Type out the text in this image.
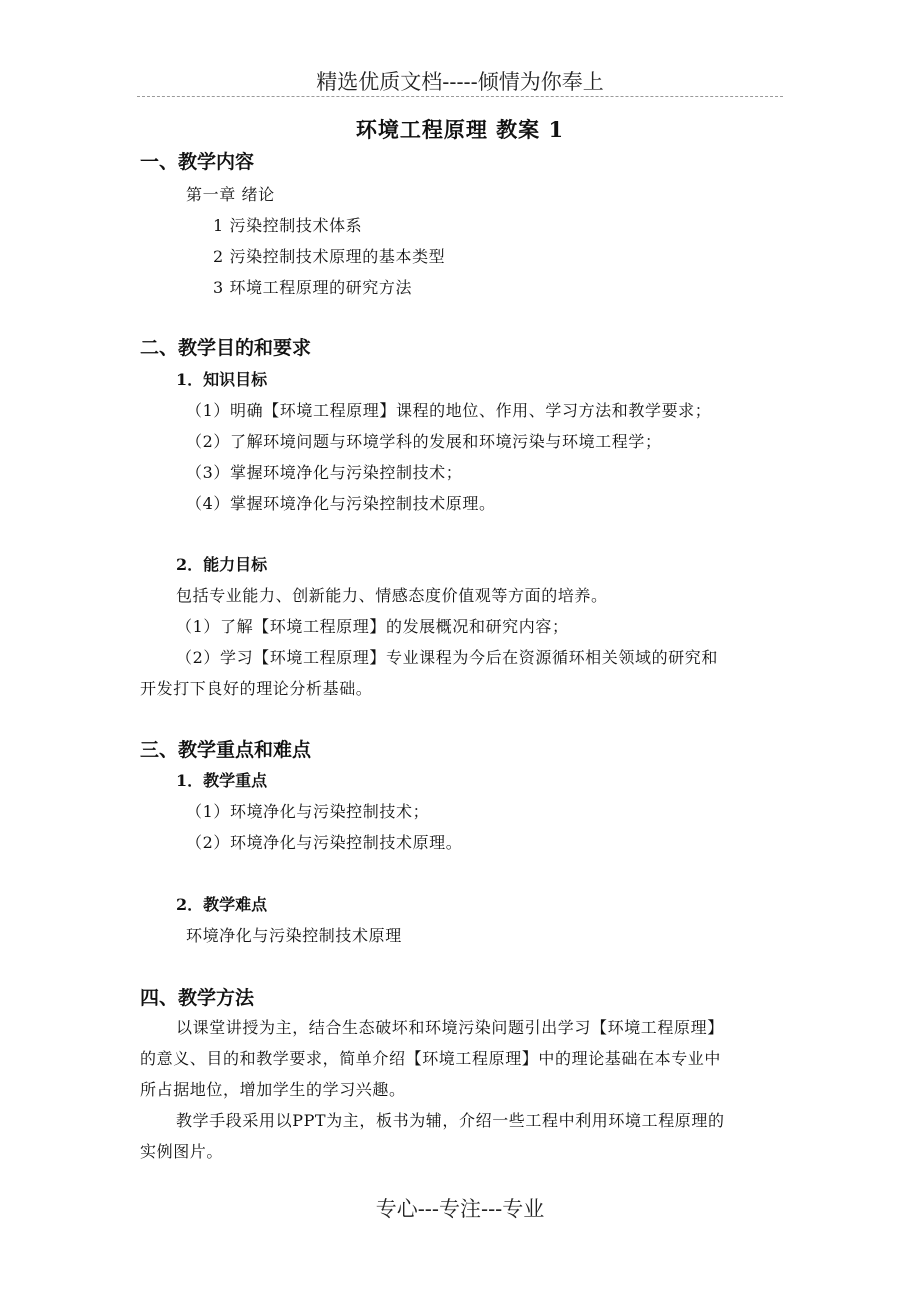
精选优质文档-----倾情为你奉上
环境工程原理 教案 1
一、教学内容
第一章 绪论
1 污染控制技术体系
2 污染控制技术原理的基本类型
3 环境工程原理的研究方法
二、教学目的和要求
1．知识目标
（1）明确【环境工程原理】课程的地位、作用、学习方法和教学要求；
（2）了解环境问题与环境学科的发展和环境污染与环境工程学；
（3）掌握环境净化与污染控制技术；
（4）掌握环境净化与污染控制技术原理。
2．能力目标
包括专业能力、创新能力、情感态度价值观等方面的培养。
（1）了解【环境工程原理】的发展概况和研究内容；
（2）学习【环境工程原理】专业课程为今后在资源循环相关领域的研究和
开发打下良好的理论分析基础。
三、教学重点和难点
1．教学重点
（1）环境净化与污染控制技术；
（2）环境净化与污染控制技术原理。
2．教学难点
环境净化与污染控制技术原理
四、教学方法
以课堂讲授为主，结合生态破坏和环境污染问题引出学习【环境工程原理】
的意义、目的和教学要求，简单介绍【环境工程原理】中的理论基础在本专业中
所占据地位，增加学生的学习兴趣。
教学手段采用以PPT为主，板书为辅，介绍一些工程中利用环境工程原理的
实例图片。
专心---专注---专业
